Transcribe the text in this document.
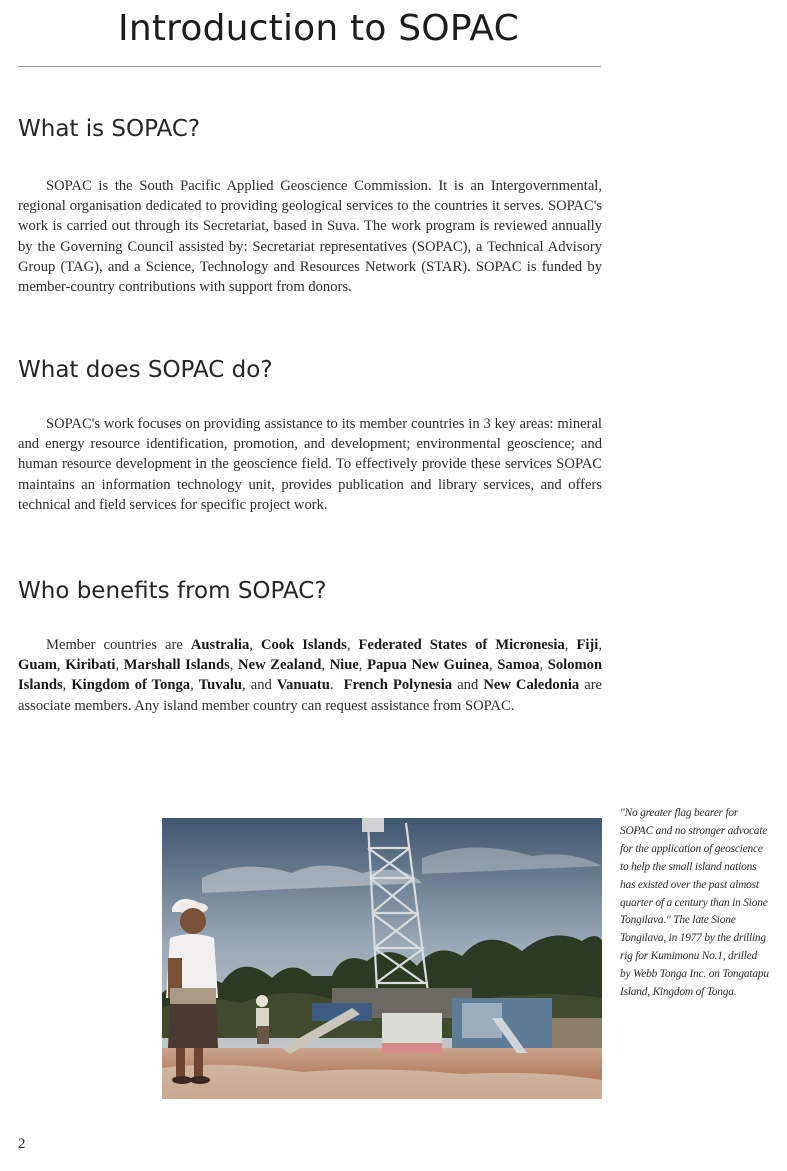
Introduction to SOPAC
What is SOPAC?

SOPAC is the South Pacific Applied Geoscience Commission. It is an Intergovernmental, regional organisation dedicated to providing geological services to the countries it serves. SOPAC's work is carried out through its Secretariat, based in Suva. The work program is reviewed annually by the Governing Council assisted by: Secretariat representatives (SOPAC), a Technical Advisory Group (TAG), and a Science, Technology and Resources Network (STAR). SOPAC is funded by member-country contributions with support from donors.

What does SOPAC do?

SOPAC's work focuses on providing assistance to its member countries in 3 key areas: mineral and energy resource identification, promotion, and development; environmental geoscience; and human resource development in the geoscience field. To effectively provide these services SOPAC maintains an information technology unit, provides publication and library services, and offers technical and field services for specific project work.

Who benefits from SOPAC?

Member countries are Australia, Cook Islands, Federated States of Micronesia, Fiji, Guam, Kiribati, Marshall Islands, New Zealand, Niue, Papua New Guinea, Samoa, Solomon Islands, Kingdom of Tonga, Tuvalu, and Vanuatu. French Polynesia and New Caledonia are associate members. Any island member country can request assistance from SOPAC.

"No greater flag bearer for SOPAC and no stronger advocate for the application of geoscience to help the small island nations has existed over the past almost quarter of a century than in Sione Tongilava." The late Sione Tongilava, in 1977 by the drilling rig for Kumimonu No.1, drilled by Webb Tonga Inc. on Tongatapu Island, Kingdom of Tonga.

2
